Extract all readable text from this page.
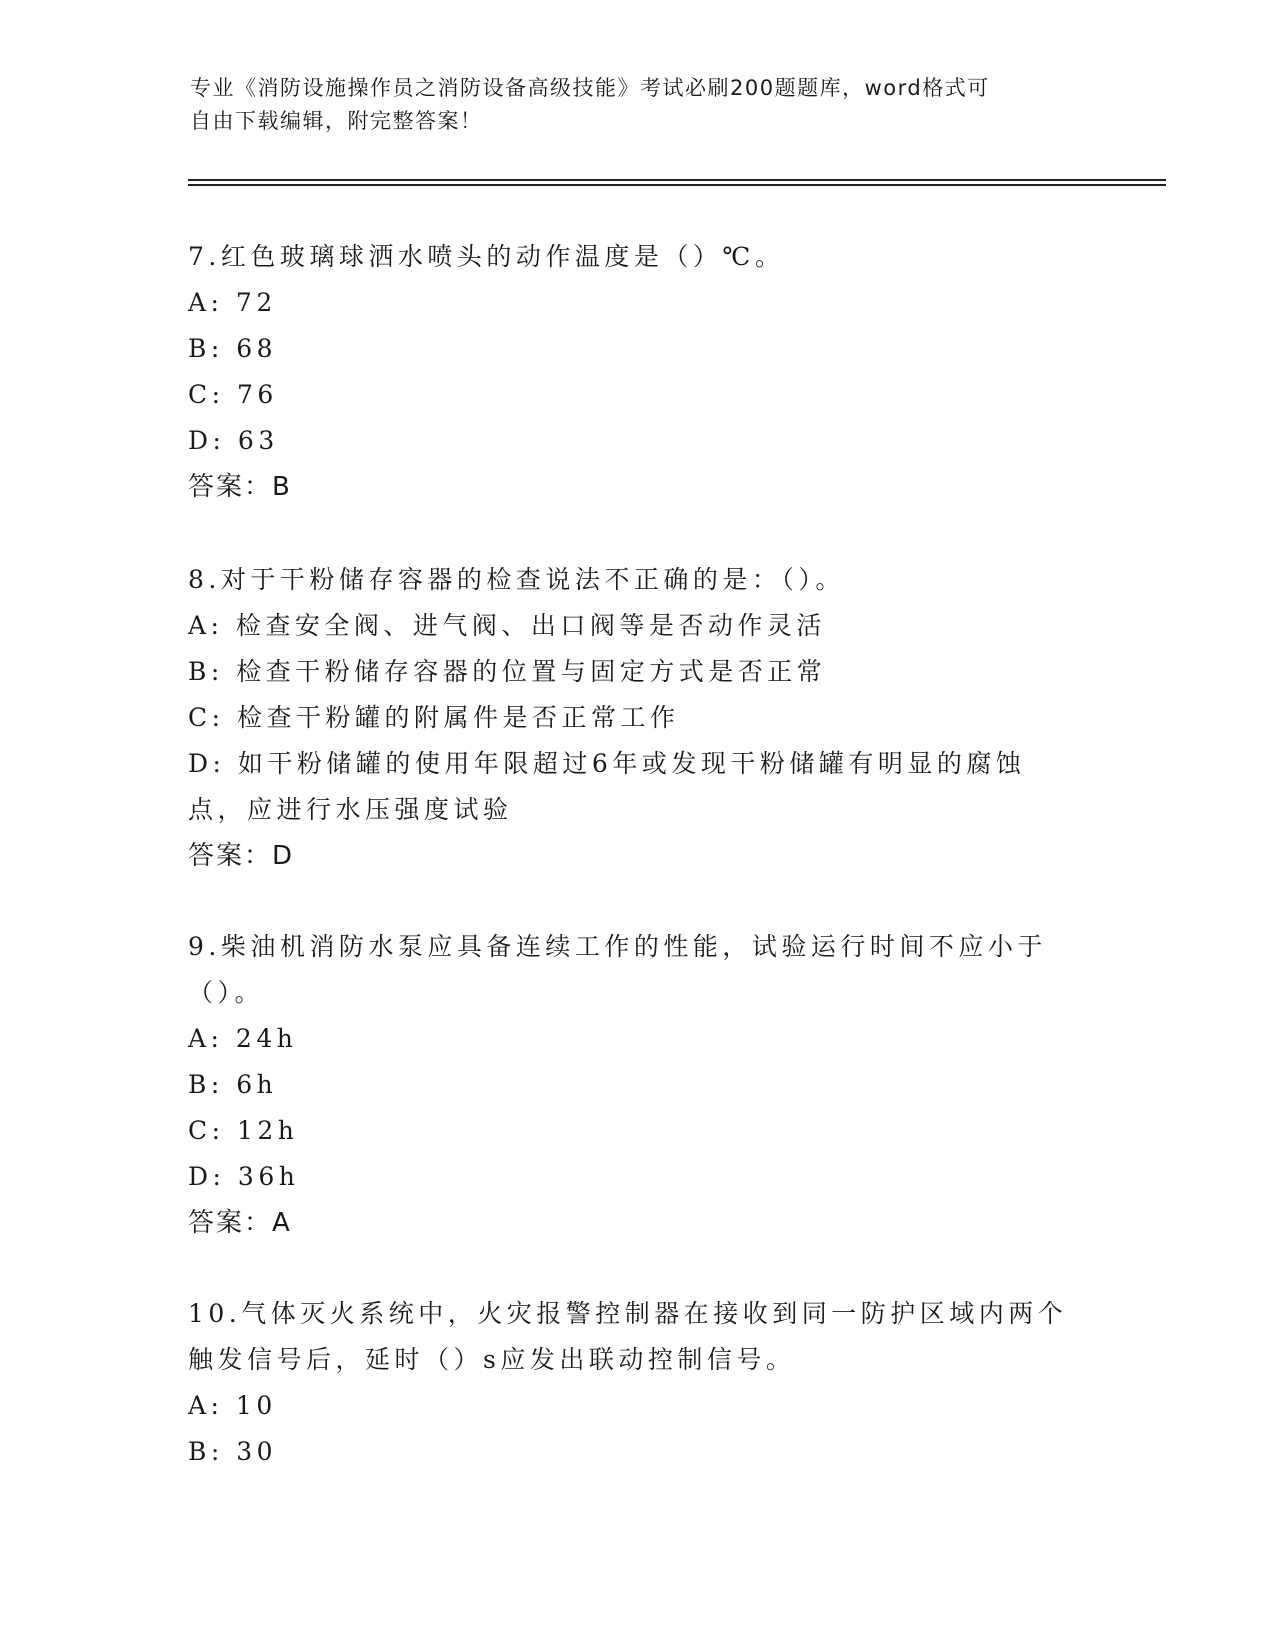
专业《消防设施操作员之消防设备高级技能》考试必刷200题题库，word格式可
自由下载编辑，附完整答案！
7.红色玻璃球洒水喷头的动作温度是（）℃。
A: 72
B: 68
C: 76
D: 63
答案：B
8.对于干粉储存容器的检查说法不正确的是：（）。
A: 检查安全阀、进气阀、出口阀等是否动作灵活
B: 检查干粉储存容器的位置与固定方式是否正常
C: 检查干粉罐的附属件是否正常工作
D: 如干粉储罐的使用年限超过6年或发现干粉储罐有明显的腐蚀点，应进行水压强度试验
答案：D
9.柴油机消防水泵应具备连续工作的性能，试验运行时间不应小于（）。
A: 24h
B: 6h
C: 12h
D: 36h
答案：A
10.气体灭火系统中，火灾报警控制器在接收到同一防护区域内两个触发信号后，延时（）s应发出联动控制信号。
A: 10
B: 30
